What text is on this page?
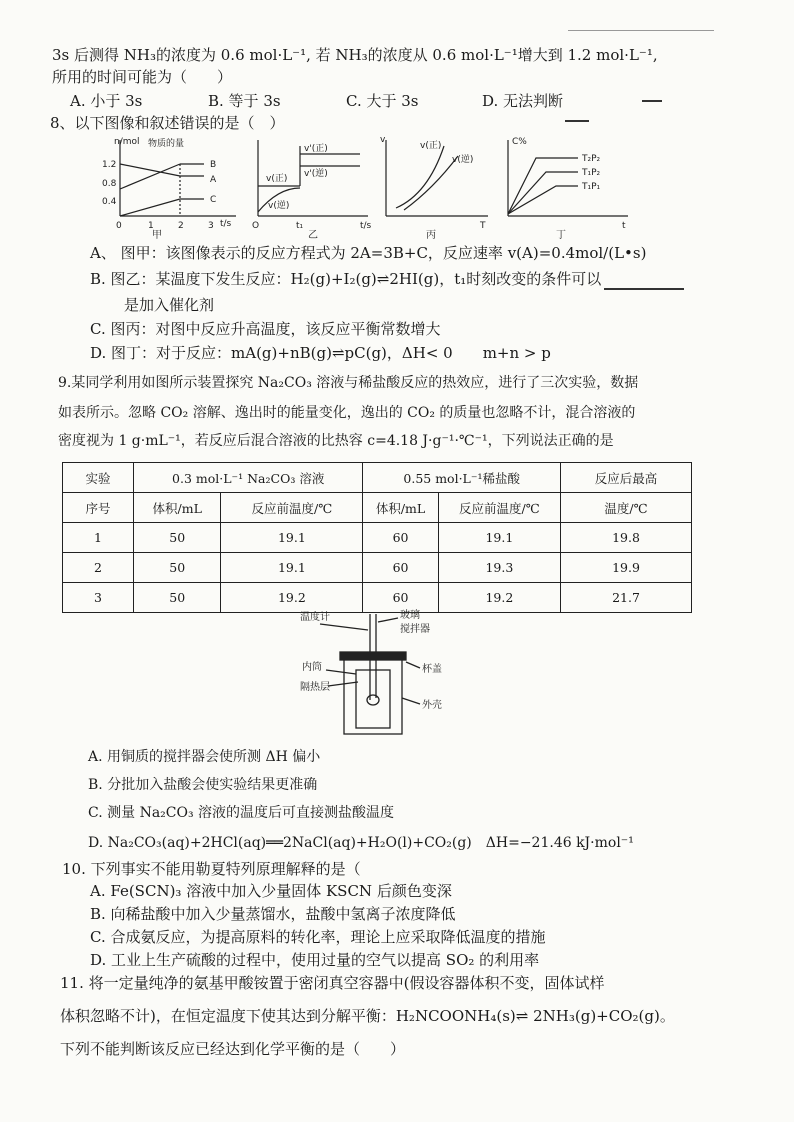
3s 后测得 NH₃的浓度为 0.6 mol·L⁻¹, 若 NH₃的浓度从 0.6 mol·L⁻¹增大到 1.2 mol·L⁻¹,
所用的时间可能为（　　）
A. 小于 3s	B. 等于 3s	C. 大于 3s	D. 无法判断
8、以下图像和叙述错误的是（　）
n/mol 物质的量
1.2
0.8
0.4
0	1	2	3 t/s
B
A
C
甲
v'(正)
v'(逆)
v(正)
v(逆)
O	t₁	t/s
乙
v(正)
v(逆)
v
T
丙
C%
T₂P₂
T₁P₂
T₁P₁
t
丁
A、 图甲：该图像表示的反应方程式为 2A=3B+C，反应速率 v(A)=0.4mol/(L•s)
B. 图乙：某温度下发生反应：H₂(g)+I₂(g)⇌2HI(g)，t₁时刻改变的条件可以
是加入催化剂
C. 图丙：对图中反应升高温度，该反应平衡常数增大
D. 图丁：对于反应：mA(g)+nB(g)⇌pC(g)，ΔH< 0　　m+n > p
9.某同学利用如图所示装置探究 Na₂CO₃ 溶液与稀盐酸反应的热效应，进行了三次实验，数据
如表所示。忽略 CO₂ 溶解、逸出时的能量变化，逸出的 CO₂ 的质量也忽略不计，混合溶液的
密度视为 1 g·mL⁻¹，若反应后混合溶液的比热容 c=4.18 J·g⁻¹·℃⁻¹，下列说法正确的是
实验	0.3 mol·L⁻¹ Na₂CO₃ 溶液		0.55 mol·L⁻¹稀盐酸		反应后最高
序号	体积/mL	反应前温度/℃	体积/mL	反应前温度/℃	温度/℃
1	50	19.1	60	19.1	19.8
2	50	19.1	60	19.3	19.9
3	50	19.2	60	19.2	21.7
温度计	玻璃
搅拌器
内筒
隔热层
杯盖
外壳
A. 用铜质的搅拌器会使所测 ΔH 偏小
B. 分批加入盐酸会使实验结果更准确
C. 测量 Na₂CO₃ 溶液的温度后可直接测盐酸温度
D. Na₂CO₃(aq)+2HCl(aq)══2NaCl(aq)+H₂O(l)+CO₂(g)　ΔH=−21.46 kJ·mol⁻¹
10. 下列事实不能用勒夏特列原理解释的是（
A. Fe(SCN)₃ 溶液中加入少量固体 KSCN 后颜色变深
B. 向稀盐酸中加入少量蒸馏水，盐酸中氢离子浓度降低
C. 合成氨反应，为提高原料的转化率，理论上应采取降低温度的措施
D. 工业上生产硫酸的过程中，使用过量的空气以提高 SO₂ 的利用率
11. 将一定量纯净的氨基甲酸铵置于密闭真空容器中(假设容器体积不变，固体试样
体积忽略不计)，在恒定温度下使其达到分解平衡：H₂NCOONH₄(s)⇌ 2NH₃(g)+CO₂(g)。
下列不能判断该反应已经达到化学平衡的是（　　）
